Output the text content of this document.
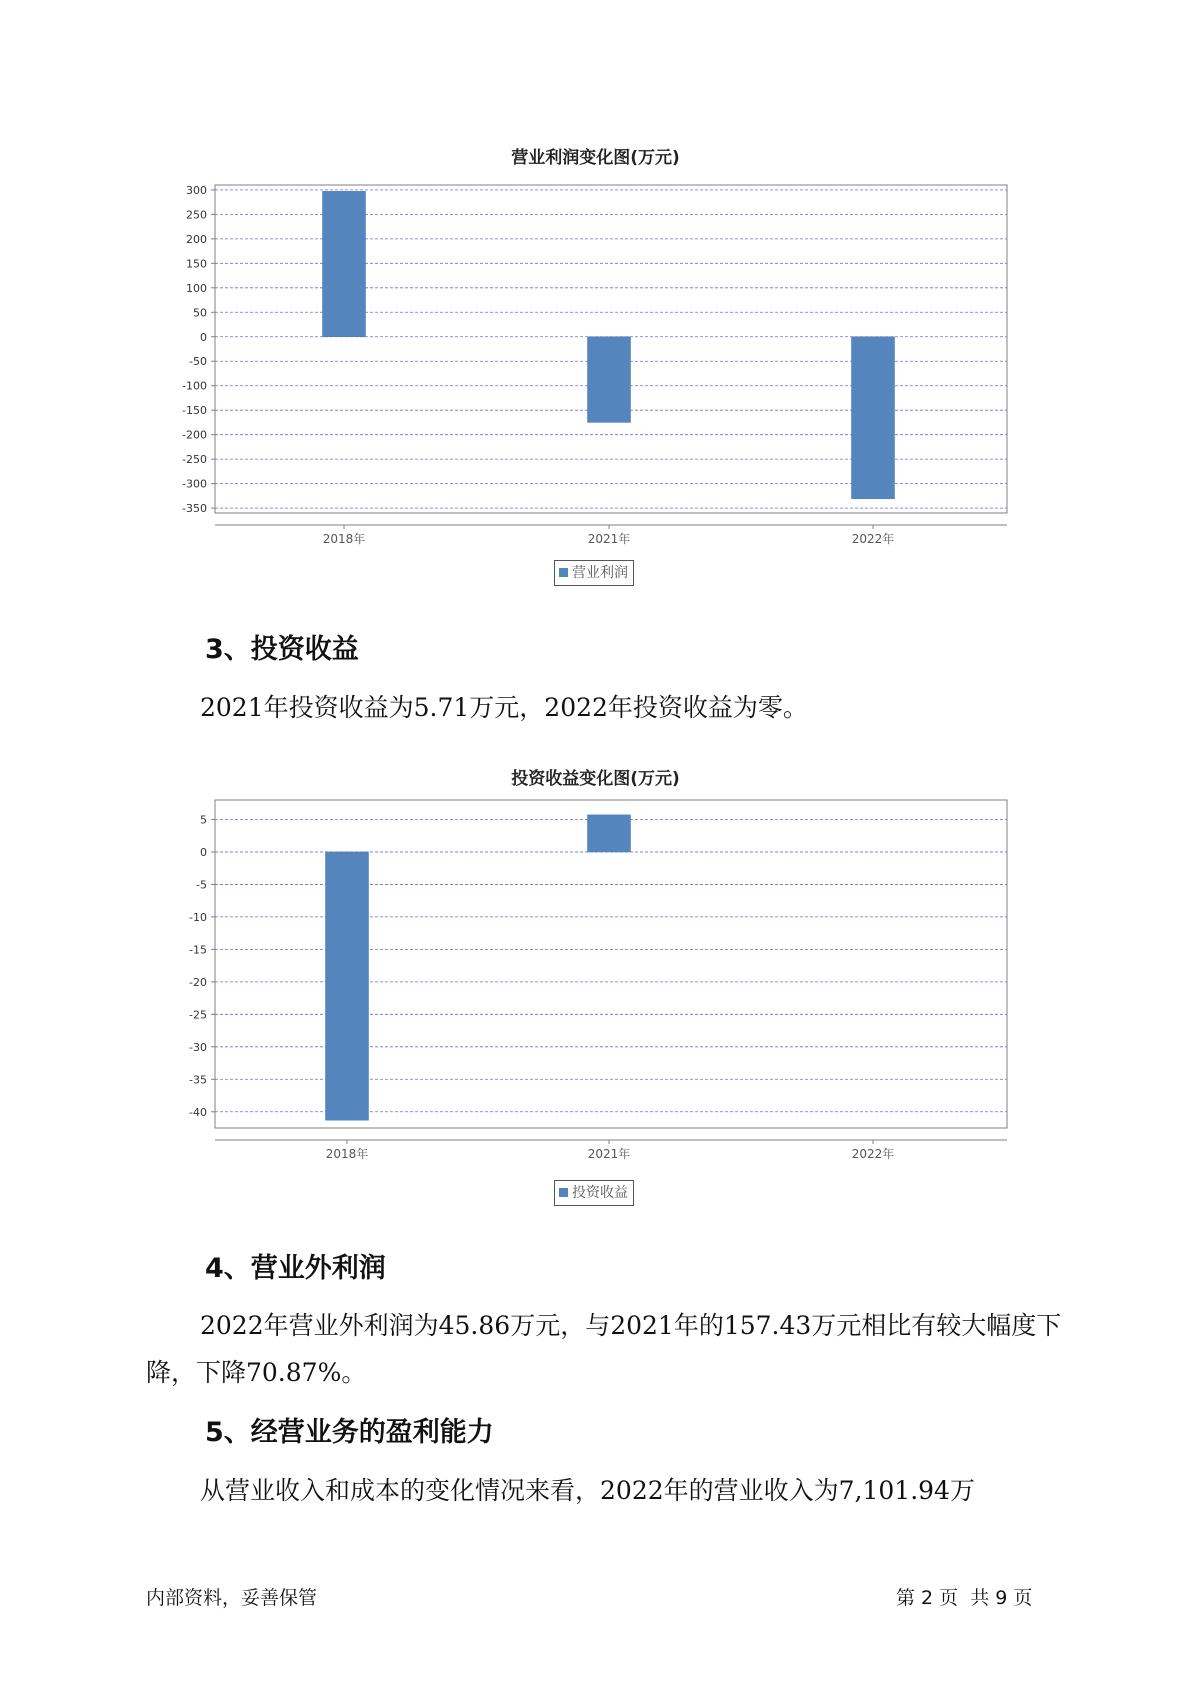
营业利润变化图(万元)
300
250
200
150
100
50
0
-50
-100
-150
-200
-250
-300
-350
2018年	2021年	2022年
营业利润
3、投资收益
2021年投资收益为5.71万元，2022年投资收益为零。
投资收益变化图(万元)
5
0
-5
-10
-15
-20
-25
-30
-35
-40
2018年	2021年	2022年
投资收益
4、营业外利润
2022年营业外利润为45.86万元，与2021年的157.43万元相比有较大幅度下降，下降70.87%。
5、经营业务的盈利能力
从营业收入和成本的变化情况来看，2022年的营业收入为7,101.94万
内部资料，妥善保管	第 2 页  共 9 页
